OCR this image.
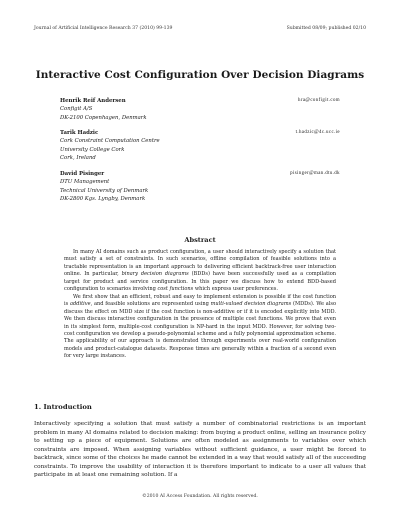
Journal of Artificial Intelligence Research 37 (2010) 99-139	Submitted 08/09; published 02/10
Interactive Cost Configuration Over Decision Diagrams
Henrik Reif Andersen	hra@configit.com
Configit A/S
DK-2100 Copenhagen, Denmark
Tarik Hadzic	t.hadzic@4c.ucc.ie
Cork Constraint Computation Centre
University College Cork
Cork, Ireland
David Pisinger	pisinger@man.dtu.dk
DTU Management
Technical University of Denmark
DK-2800 Kgs. Lyngby, Denmark
Abstract

In many AI domains such as product configuration, a user should interactively specify a solution that must satisfy a set of constraints. In such scenarios, offline compilation of feasible solutions into a tractable representation is an important approach to delivering efficient backtrack-free user interaction online. In particular, binary decision diagrams (BDDs) have been successfully used as a compilation target for product and service configuration. In this paper we discuss how to extend BDD-based configuration to scenarios involving cost functions which express user preferences.

We first show that an efficient, robust and easy to implement extension is possible if the cost function is additive, and feasible solutions are represented using multi-valued decision diagrams (MDDs). We also discuss the effect on MDD size if the cost function is non-additive or if it is encoded explicitly into MDD. We then discuss interactive configuration in the presence of multiple cost functions. We prove that even in its simplest form, multiple-cost configuration is NP-hard in the input MDD. However, for solving two-cost configuration we develop a pseudo-polynomial scheme and a fully polynomial approximation scheme. The applicability of our approach is demonstrated through experiments over real-world configuration models and product-catalogue datasets. Response times are generally within a fraction of a second even for very large instances.

1. Introduction

Interactively specifying a solution that must satisfy a number of combinatorial restrictions is an important problem in many AI domains related to decision making: from buying a product online, selling an insurance policy to setting up a piece of equipment. Solutions are often modeled as assignments to variables over which constraints are imposed. When assigning variables without sufficient guidance, a user might be forced to backtrack, since some of the choices he made cannot be extended in a way that would satisfy all of the succeeding constraints. To improve the usability of interaction it is therefore important to indicate to a user all values that participate in at least one remaining solution. If a

©2010 AI Access Foundation. All rights reserved.
